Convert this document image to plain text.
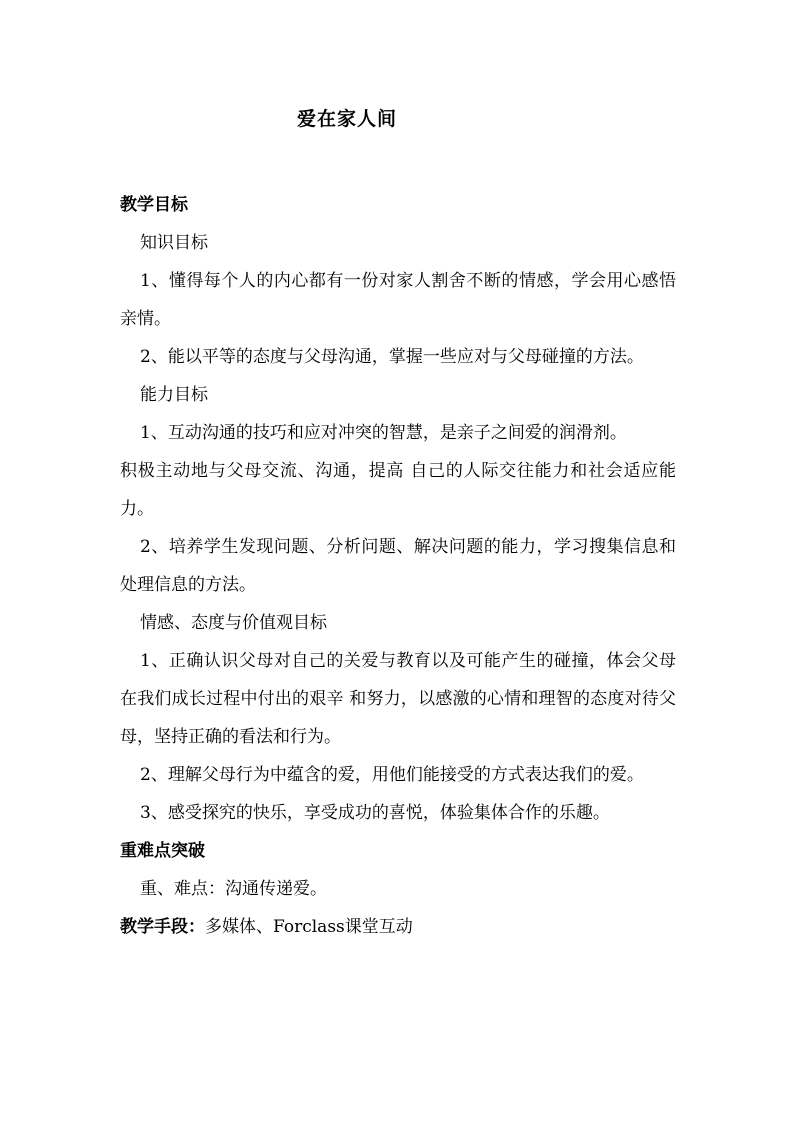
爱在家人间

教学目标

知识目标

1、懂得每个人的内心都有一份对家人割舍不断的情感，学会用心感悟亲情。

2、能以平等的态度与父母沟通，掌握一些应对与父母碰撞的方法。

能力目标

1、互动沟通的技巧和应对冲突的智慧，是亲子之间爱的润滑剂。

积极主动地与父母交流、沟通，提高 自己的人际交往能力和社会适应能力。

2、培养学生发现问题、分析问题、解决问题的能力，学习搜集信息和处理信息的方法。

情感、态度与价值观目标

1、正确认识父母对自己的关爱与教育以及可能产生的碰撞，体会父母在我们成长过程中付出的艰辛 和努力，以感激的心情和理智的态度对待父母，坚持正确的看法和行为。

2、理解父母行为中蕴含的爱，用他们能接受的方式表达我们的爱。

3、感受探究的快乐，享受成功的喜悦，体验集体合作的乐趣。

重难点突破

重、难点：沟通传递爱。

教学手段：多媒体、Forclass课堂互动
